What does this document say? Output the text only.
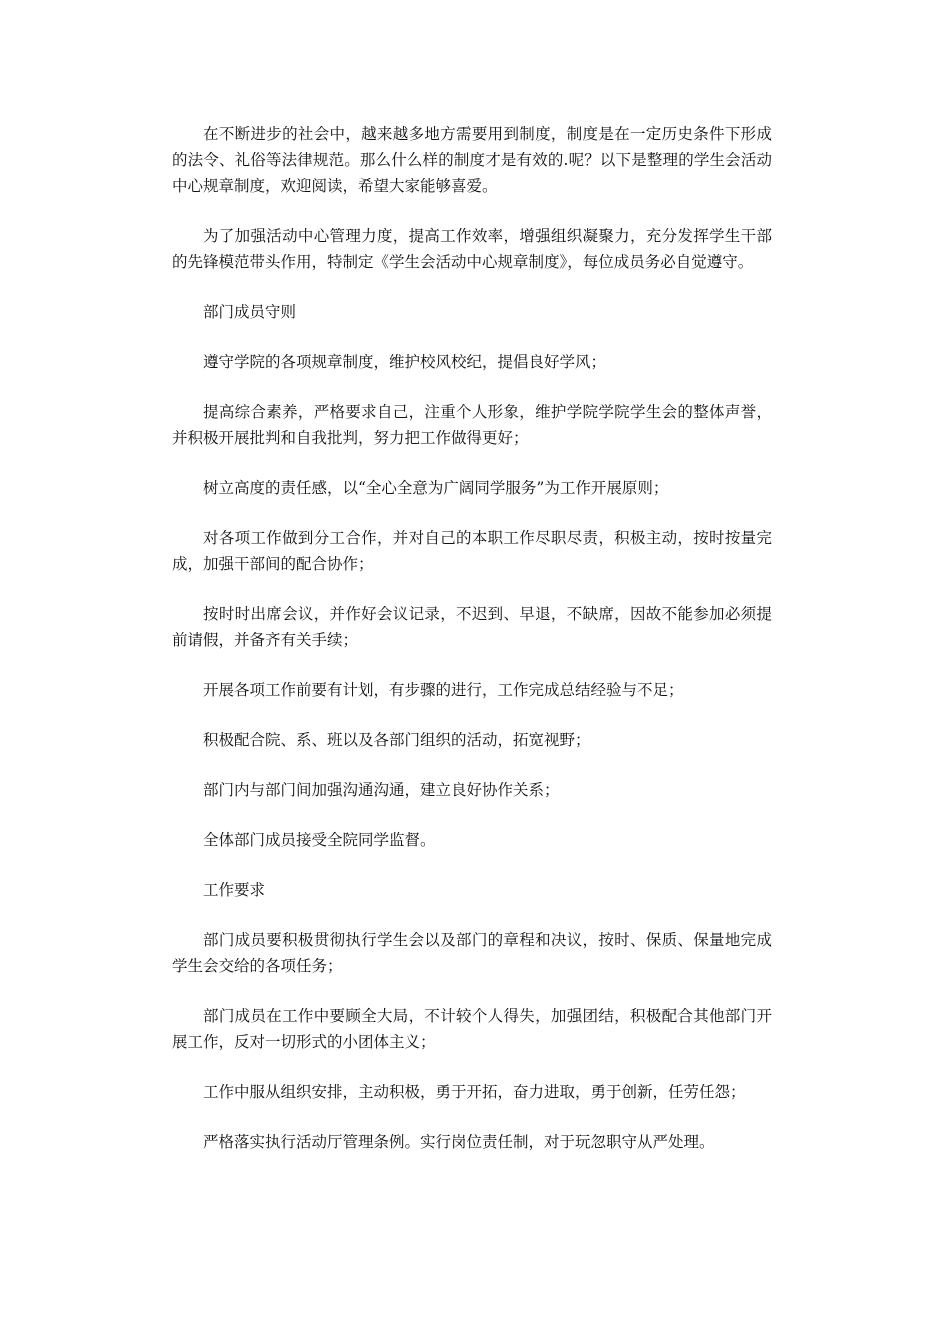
在不断进步的社会中，越来越多地方需要用到制度，制度是在一定历史条件下形成的法令、礼俗等法律规范。那么什么样的制度才是有效的.呢？以下是整理的学生会活动中心规章制度，欢迎阅读，希望大家能够喜爱。

为了加强活动中心管理力度，提高工作效率，增强组织凝聚力，充分发挥学生干部的先锋模范带头作用，特制定《学生会活动中心规章制度》，每位成员务必自觉遵守。

部门成员守则

遵守学院的各项规章制度，维护校风校纪，提倡良好学风；

提高综合素养，严格要求自己，注重个人形象，维护学院学院学生会的整体声誉，并积极开展批判和自我批判，努力把工作做得更好；

树立高度的责任感，以“全心全意为广阔同学服务”为工作开展原则；

对各项工作做到分工合作，并对自己的本职工作尽职尽责，积极主动，按时按量完成，加强干部间的配合协作；

按时时出席会议，并作好会议记录，不迟到、早退，不缺席，因故不能参加必须提前请假，并备齐有关手续；

开展各项工作前要有计划，有步骤的进行，工作完成总结经验与不足；

积极配合院、系、班以及各部门组织的活动，拓宽视野；

部门内与部门间加强沟通沟通，建立良好协作关系；

全体部门成员接受全院同学监督。

工作要求

部门成员要积极贯彻执行学生会以及部门的章程和决议，按时、保质、保量地完成学生会交给的各项任务；

部门成员在工作中要顾全大局，不计较个人得失，加强团结，积极配合其他部门开展工作，反对一切形式的小团体主义；

工作中服从组织安排，主动积极，勇于开拓，奋力进取，勇于创新，任劳任怨；

严格落实执行活动厅管理条例。实行岗位责任制，对于玩忽职守从严处理。
